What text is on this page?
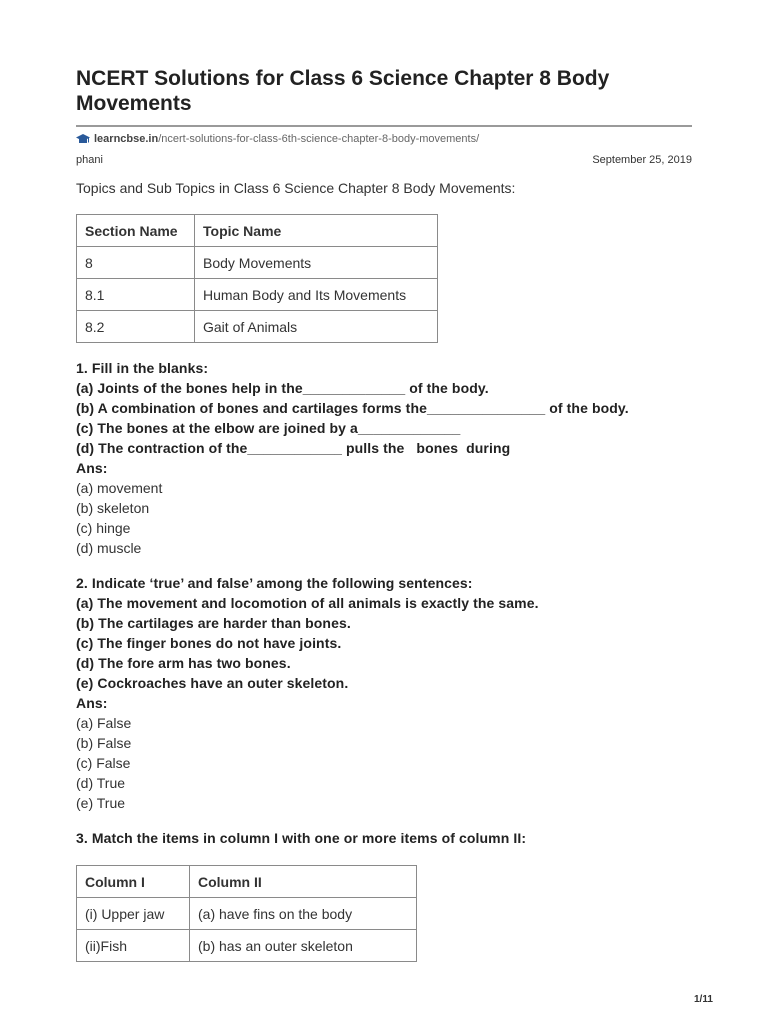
NCERT Solutions for Class 6 Science Chapter 8 Body Movements
learncbse.in /ncert-solutions-for-class-6th-science-chapter-8-body-movements/
phani	September 25, 2019
Topics and Sub Topics in Class 6 Science Chapter 8 Body Movements:
Section Name	Topic Name
8	Body Movements
8.1	Human Body and Its Movements
8.2	Gait of Animals
1. Fill in the blanks:
(a) Joints of the bones help in the_____________ of the body.
(b) A combination of bones and cartilages forms the_______________ of the body.
(c) The bones at the elbow are joined by a_____________
(d) The contraction of the____________ pulls the   bones  during
Ans:
(a) movement
(b) skeleton
(c) hinge
(d) muscle
2. Indicate ‘true’ and false’ among the following sentences:
(a) The movement and locomotion of all animals is exactly the same.
(b) The cartilages are harder than bones.
(c) The finger bones do not have joints.
(d) The fore arm has two bones.
(e) Cockroaches have an outer skeleton.
Ans:
(a) False
(b) False
(c) False
(d) True
(e) True
3. Match the items in column I with one or more items of column II:
Column I	Column II
(i) Upper jaw	(a) have fins on the body
(ii)Fish	(b) has an outer skeleton
1/11
